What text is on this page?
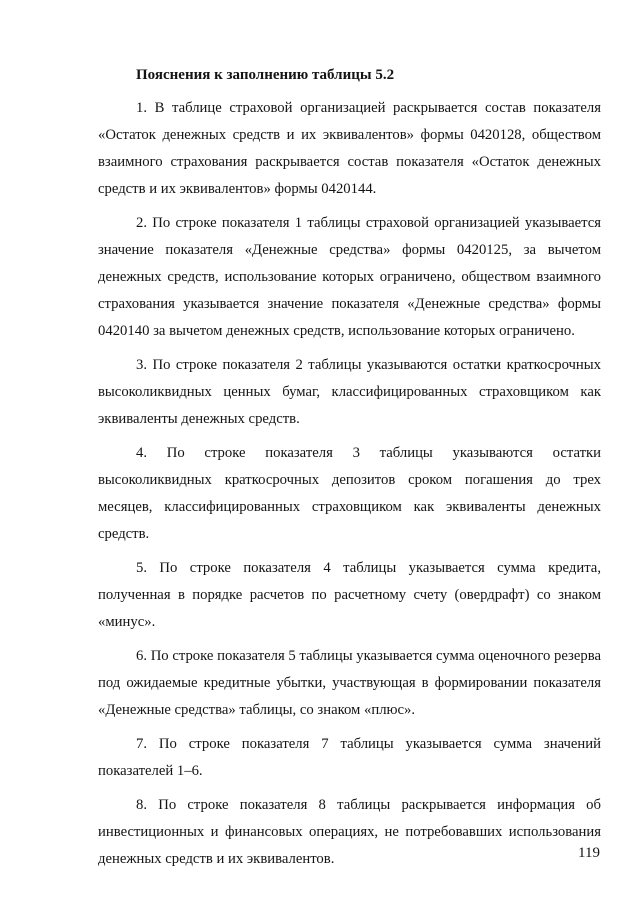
Пояснения к заполнению таблицы 5.2

1. В таблице страховой организацией раскрывается состав показателя «Остаток денежных средств и их эквивалентов» формы 0420128, обществом взаимного страхования раскрывается состав показателя «Остаток денежных средств и их эквивалентов» формы 0420144.

2. По строке показателя 1 таблицы страховой организацией указывается значение показателя «Денежные средства» формы 0420125, за вычетом денежных средств, использование которых ограничено, обществом взаимного страхования указывается значение показателя «Денежные средства» формы 0420140 за вычетом денежных средств, использование которых ограничено.

3. По строке показателя 2 таблицы указываются остатки краткосрочных высоколиквидных ценных бумаг, классифицированных страховщиком как эквиваленты денежных средств.

4. По строке показателя 3 таблицы указываются остатки высоколиквидных краткосрочных депозитов сроком погашения до трех месяцев, классифицированных страховщиком как эквиваленты денежных средств.

5. По строке показателя 4 таблицы указывается сумма кредита, полученная в порядке расчетов по расчетному счету (овердрафт) со знаком «минус».

6. По строке показателя 5 таблицы указывается сумма оценочного резерва под ожидаемые кредитные убытки, участвующая в формировании показателя «Денежные средства» таблицы, со знаком «плюс».

7. По строке показателя 7 таблицы указывается сумма значений показателей 1–6.

8. По строке показателя 8 таблицы раскрывается информация об инвестиционных и финансовых операциях, не потребовавших использования денежных средств и их эквивалентов.	119
